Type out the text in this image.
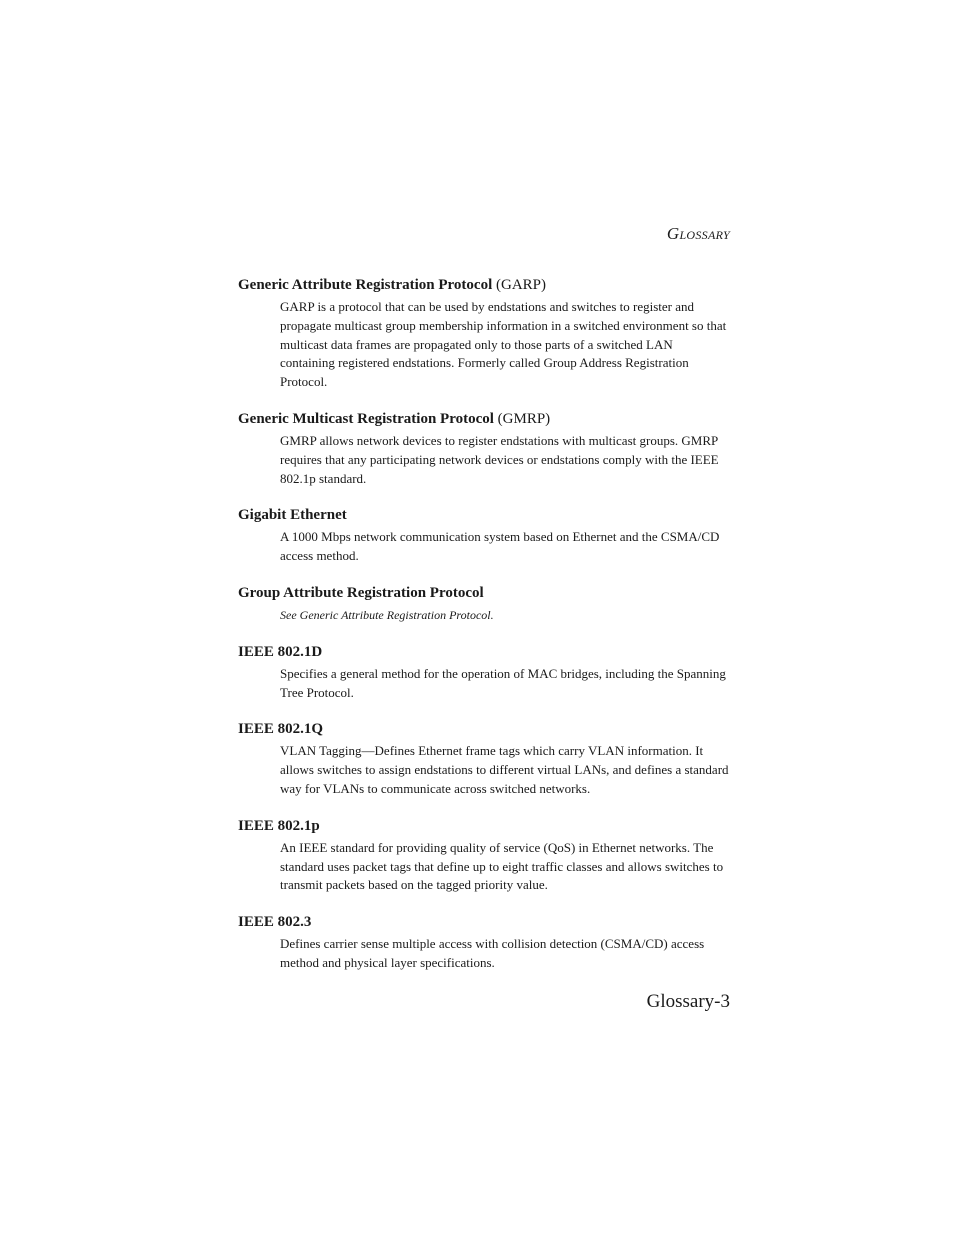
GLOSSARY
Generic Attribute Registration Protocol (GARP)
GARP is a protocol that can be used by endstations and switches to register and propagate multicast group membership information in a switched environment so that multicast data frames are propagated only to those parts of a switched LAN containing registered endstations. Formerly called Group Address Registration Protocol.
Generic Multicast Registration Protocol (GMRP)
GMRP allows network devices to register endstations with multicast groups. GMRP requires that any participating network devices or endstations comply with the IEEE 802.1p standard.
Gigabit Ethernet
A 1000 Mbps network communication system based on Ethernet and the CSMA/CD access method.
Group Attribute Registration Protocol
See Generic Attribute Registration Protocol.
IEEE 802.1D
Specifies a general method for the operation of MAC bridges, including the Spanning Tree Protocol.
IEEE 802.1Q
VLAN Tagging—Defines Ethernet frame tags which carry VLAN information. It allows switches to assign endstations to different virtual LANs, and defines a standard way for VLANs to communicate across switched networks.
IEEE 802.1p
An IEEE standard for providing quality of service (QoS) in Ethernet networks. The standard uses packet tags that define up to eight traffic classes and allows switches to transmit packets based on the tagged priority value.
IEEE 802.3
Defines carrier sense multiple access with collision detection (CSMA/CD) access method and physical layer specifications.
Glossary-3
